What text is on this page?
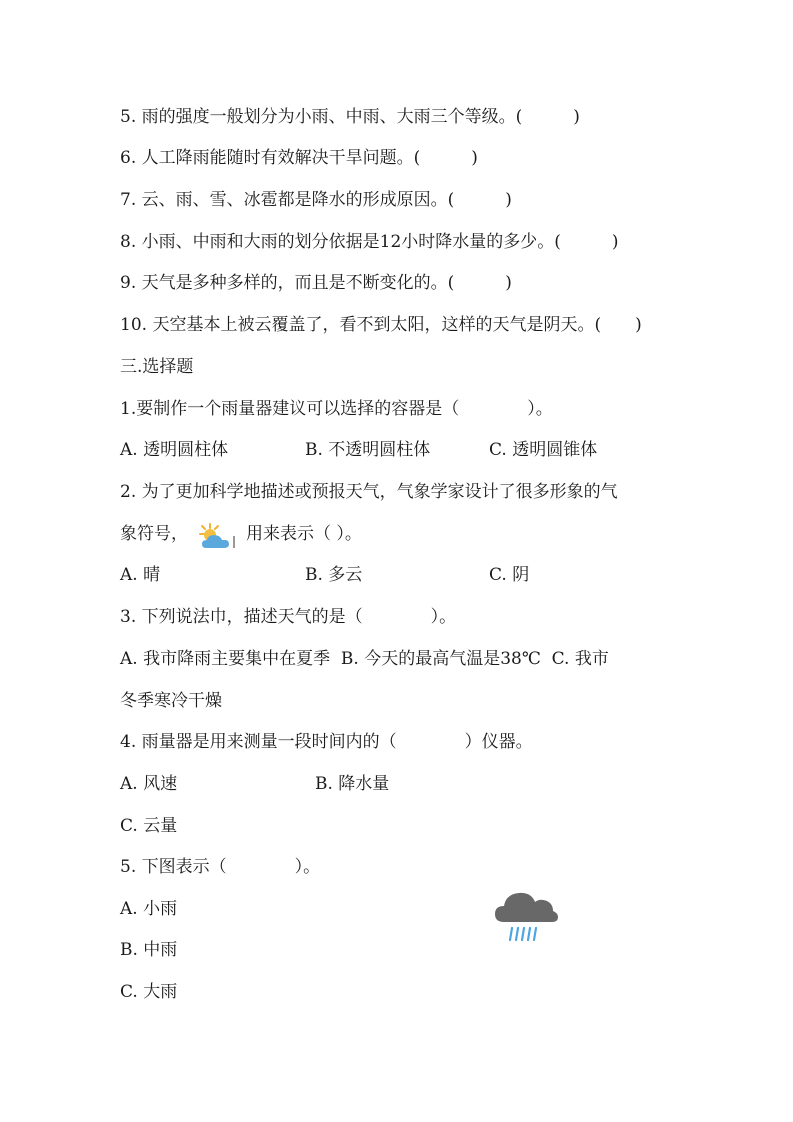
5. 雨的强度一般划分为小雨、中雨、大雨三个等级。(　　　)
6. 人工降雨能随时有效解决干旱问题。(　　　)
7. 云、雨、雪、冰雹都是降水的形成原因。(　　　)
8. 小雨、中雨和大雨的划分依据是12小时降水量的多少。(　　　)
9. 天气是多种多样的，而且是不断变化的。(　　　)
10. 天空基本上被云覆盖了，看不到太阳，这样的天气是阴天。(　　)
三.选择题
1.要制作一个雨量器建议可以选择的容器是（　　　　）。
A. 透明圆柱体	B. 不透明圆柱体	C. 透明圆锥体
2. 为了更加科学地描述或预报天气，气象学家设计了很多形象的气
象符号，	用来表示（ ）。
A. 晴	B. 多云	C. 阴
3. 下列说法巾，描述天气的是（　　　　）。
A. 我市降雨主要集中在夏季  B. 今天的最高气温是38℃  C. 我市
冬季寒冷干燥
4. 雨量器是用来测量一段时间内的（　　　　）仪器。
A. 风速	B. 降水量
C. 云量
5. 下图表示（　　　　）。
A. 小雨
B. 中雨
C. 大雨
